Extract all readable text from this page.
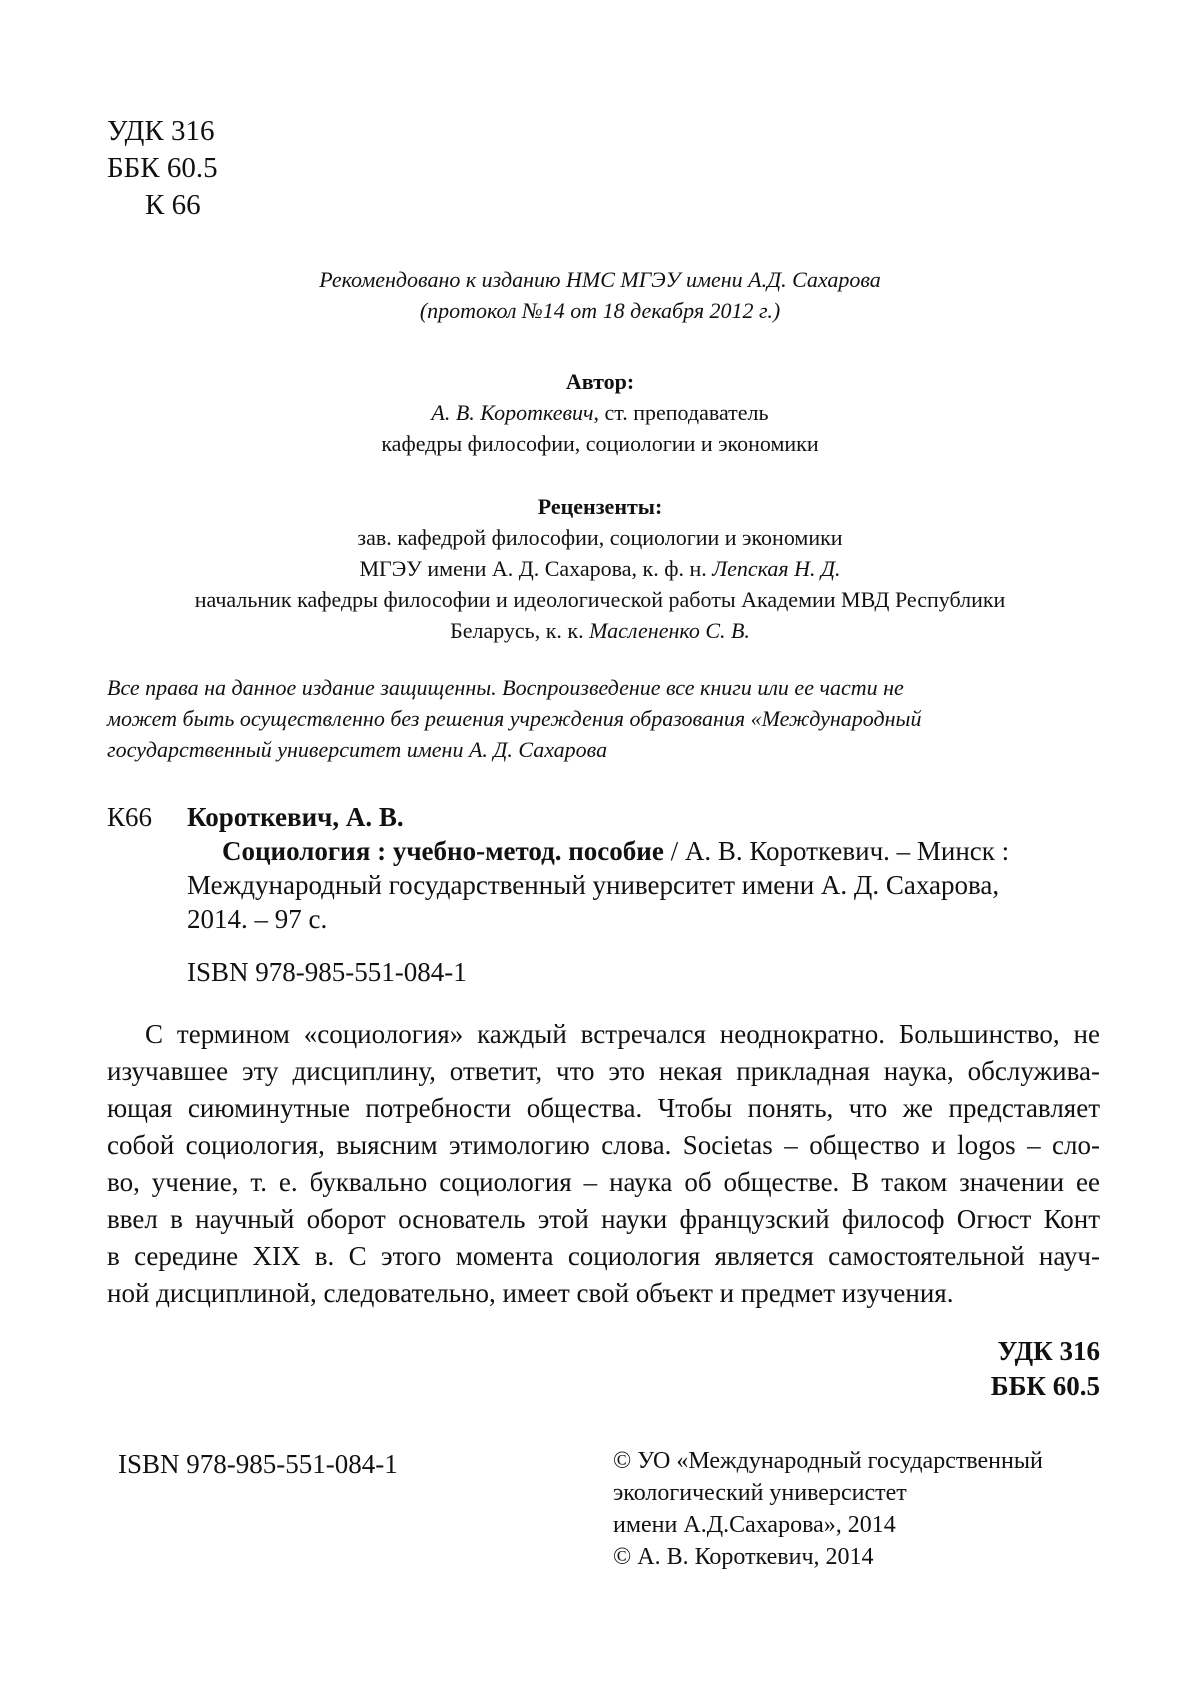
УДК 316
ББК 60.5
К 66
Рекомендовано к изданию НМС МГЭУ имени А.Д. Сахарова
(протокол №14 от 18 декабря 2012 г.)
Автор:
А. В. Короткевич, ст. преподаватель
кафедры философии, социологии и экономики
Рецензенты:
зав. кафедрой философии, социологии и экономики
МГЭУ имени А. Д. Сахарова, к. ф. н. Лепская Н. Д.
начальник кафедры философии и идеологической работы Академии МВД Республики
Беларусь, к. к. Маслененко С. В.
Все права на данное издание защищенны. Воспроизведение все книги или ее части не
может быть осуществленно без решения учреждения образования «Международный
государственный университет имени А. Д. Сахарова
К66 Короткевич, А. В.
Социология : учебно-метод. пособие / А. В. Короткевич. – Минск :
Международный государственный университет имени А. Д. Сахарова,
2014. – 97 с.
ISBN 978-985-551-084-1
С термином «социология» каждый встречался неоднократно. Большинство, не
изучавшее эту дисциплину, ответит, что это некая прикладная наука, обслужива-
ющая сиюминутные потребности общества. Чтобы понять, что же представляет
собой социология, выясним этимологию слова. Societas – общество и logos – сло-
во, учение, т. е. буквально социология – наука об обществе. В таком значении ее
ввел в научный оборот основатель этой науки французский философ Огюст Конт
в середине XIX в. С этого момента социология является самостоятельной науч-
ной дисциплиной, следовательно, имеет свой объект и предмет изучения.
УДК 316
ББК 60.5
ISBN 978-985-551-084-1	© УО «Международный государственный
экологический универсистет
имени А.Д.Сахарова», 2014
© А. В. Короткевич, 2014
